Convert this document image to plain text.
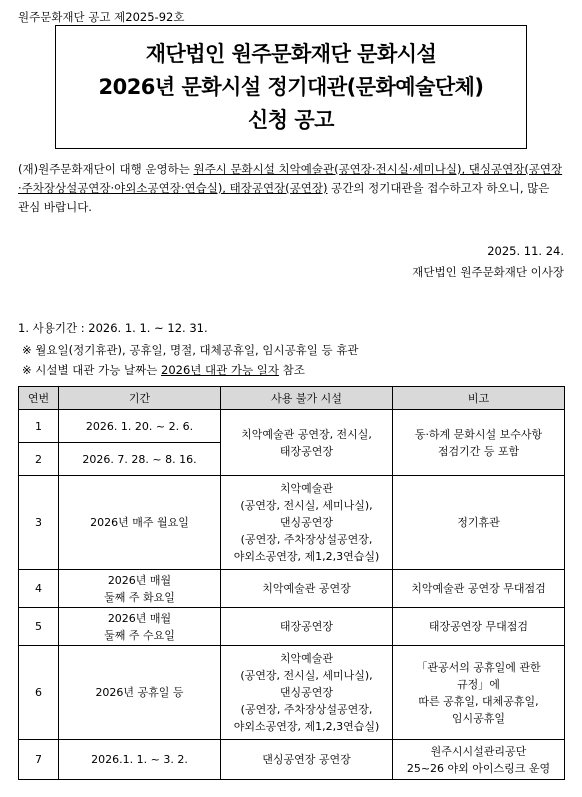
원주문화재단 공고 제2025-92호
재단법인 원주문화재단 문화시설
2026년 문화시설 정기대관(문화예술단체)
신청 공고
(재)원주문화재단이 대행 운영하는 원주시 문화시설 치악예술관(공연장·전시실·세미나실), 댄싱공연장(공연장·주차장상설공연장·야외소공연장·연습실), 태장공연장(공연장) 공간의 정기대관을 접수하고자 하오니, 많은 관심 바랍니다.
2025. 11. 24.
재단법인 원주문화재단 이사장
1. 사용기간 : 2026. 1. 1. ~ 12. 31.
※ 월요일(정기휴관), 공휴일, 명절, 대체공휴일, 임시공휴일 등 휴관
※ 시설별 대관 가능 날짜는 2026년 대관 가능 일자 참조
연번	기간	사용 불가 시설	비고
1	2026. 1. 20. ~ 2. 6.	치악예술관 공연장, 전시실,
태장공연장	동·하계 문화시설 보수사항
점검기간 등 포함
2	2026. 7. 28. ~ 8. 16.		
3	2026년 매주 월요일	치악예술관
(공연장, 전시실, 세미나실),
댄싱공연장
(공연장, 주차장상설공연장,
야외소공연장, 제1,2,3연습실)	정기휴관
4	2026년 매월
둘째 주 화요일	치악예술관 공연장	치악예술관 공연장 무대점검
5	2026년 매월
둘째 주 수요일	태장공연장	태장공연장 무대점검
6	2026년 공휴일 등	치악예술관
(공연장, 전시실, 세미나실),
댄싱공연장
(공연장, 주차장상설공연장,
야외소공연장, 제1,2,3연습실)	「관공서의 공휴일에 관한
규정」에
따른 공휴일, 대체공휴일,
임시공휴일
7	2026.1. 1. ~ 3. 2.	댄싱공연장 공연장	원주시시설관리공단
25~26 야외 아이스링크 운영
